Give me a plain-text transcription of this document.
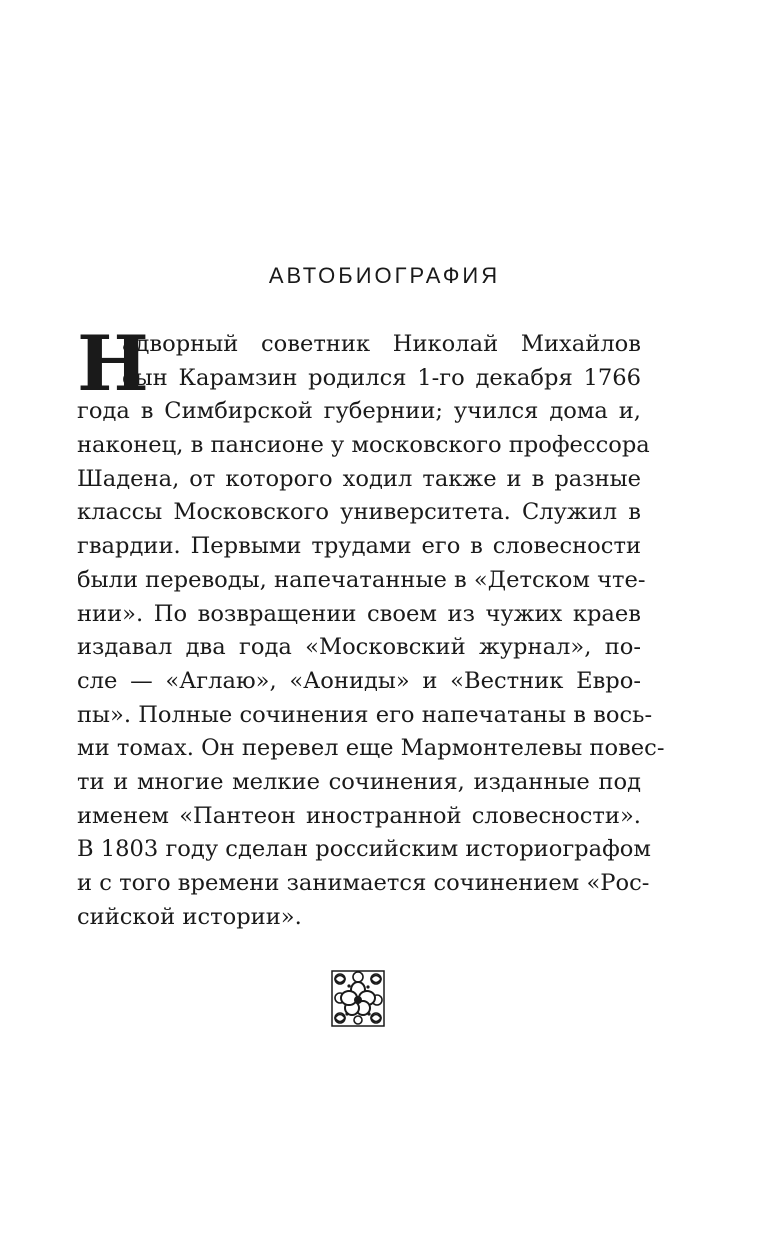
АВТОБИОГРАФИЯ
Н
адворный советник Николай Михайлов
сын Карамзин родился 1-го декабря 1766
года в Симбирской губернии; учился дома и,
наконец, в пансионе у московского профессора
Шадена, от которого ходил также и в разные
классы Московского университета. Служил в
гвардии. Первыми трудами его в словесности
были переводы, напечатанные в «Детском чте-
нии». По возвращении своем из чужих краев
издавал два года «Московский журнал», по-
сле — «Аглаю», «Аониды» и «Вестник Евро-
пы». Полные сочинения его напечатаны в вось-
ми томах. Он перевел еще Мармонтелевы повес-
ти и многие мелкие сочинения, изданные под
именем «Пантеон иностранной словесности».
В 1803 году сделан российским историографом
и с того времени занимается сочинением «Рос-
сийской истории».
